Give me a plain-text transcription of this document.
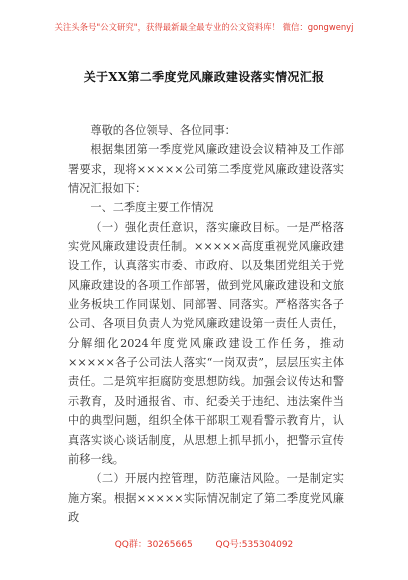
关注头条号"公文研究"，获得最新最全最专业的公文资料库！ 微信：gongwenyj
关于XX第二季度党风廉政建设落实情况汇报

尊敬的各位领导、各位同事：

根据集团第一季度党风廉政建设会议精神及工作部署要求，现将×××××公司第二季度党风廉政建设落实情况汇报如下：

一、二季度主要工作情况

（一）强化责任意识，落实廉政目标。一是严格落实党风廉政建设责任制。×××××高度重视党风廉政建设工作，认真落实市委、市政府、以及集团党组关于党风廉政建设的各项工作部署，做到党风廉政建设和文旅业务板块工作同谋划、同部署、同落实。严格落实各子公司、各项目负责人为党风廉政建设第一责任人责任，分解细化2024年度党风廉政建设工作任务，推动×××××各子公司法人落实“一岗双责”，层层压实主体责任。二是筑牢拒腐防变思想防线。加强会议传达和警示教育，及时通报省、市、纪委关于违纪、违法案件当中的典型问题，组织全体干部职工观看警示教育片，认真落实谈心谈话制度，从思想上抓早抓小，把警示宣传前移一线。

（二）开展内控管理，防范廉洁风险。一是制定实施方案。根据×××××实际情况制定了第二季度党风廉政

QQ群：30265665	QQ号:535304092
